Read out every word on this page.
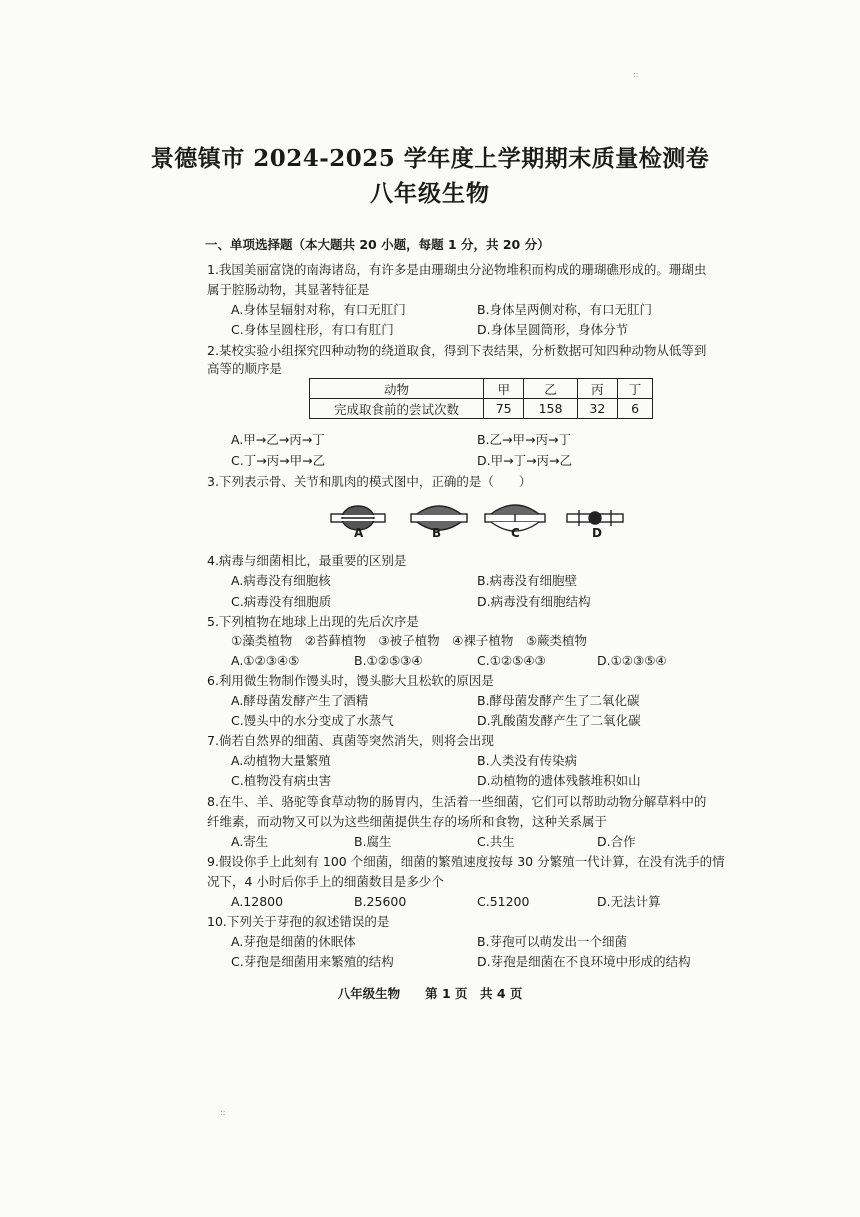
::
::
景德镇市 2024-2025 学年度上学期期末质量检测卷
八年级生物
一、单项选择题（本大题共 20 小题，每题 1 分，共 20 分）
1.我国美丽富饶的南海诸岛，有许多是由珊瑚虫分泌物堆积而构成的珊瑚礁形成的。珊瑚虫
属于腔肠动物，其显著特征是
A.身体呈辐射对称，有口无肛门	B.身体呈两侧对称，有口无肛门
C.身体呈圆柱形，有口有肛门	D.身体呈圆筒形，身体分节
2.某校实验小组探究四种动物的绕道取食，得到下表结果，分析数据可知四种动物从低等到
高等的顺序是
动物	甲	乙	丙	丁
完成取食前的尝试次数	75	158	32	6
A.甲→乙→丙→丁	B.乙→甲→丙→丁
C.丁→丙→甲→乙	D.甲→丁→丙→乙
3.下列表示骨、关节和肌肉的模式图中，正确的是（　　）
A	B	C	D
4.病毒与细菌相比，最重要的区别是
A.病毒没有细胞核	B.病毒没有细胞壁
C.病毒没有细胞质	D.病毒没有细胞结构
5.下列植物在地球上出现的先后次序是
①藻类植物　②苔藓植物　③被子植物　④裸子植物　⑤蕨类植物
A.①②③④⑤	B.①②⑤③④	C.①②⑤④③	D.①②③⑤④
6.利用微生物制作馒头时，馒头膨大且松软的原因是
A.酵母菌发酵产生了酒精	B.酵母菌发酵产生了二氧化碳
C.馒头中的水分变成了水蒸气	D.乳酸菌发酵产生了二氧化碳
7.倘若自然界的细菌、真菌等突然消失，则将会出现
A.动植物大量繁殖	B.人类没有传染病
C.植物没有病虫害	D.动植物的遗体残骸堆积如山
8.在牛、羊、骆驼等食草动物的肠胃内，生活着一些细菌，它们可以帮助动物分解草料中的
纤维素，而动物又可以为这些细菌提供生存的场所和食物，这种关系属于
A.寄生	B.腐生	C.共生	D.合作
9.假设你手上此刻有 100 个细菌，细菌的繁殖速度按每 30 分繁殖一代计算，在没有洗手的情
况下，4 小时后你手上的细菌数目是多少个
A.12800	B.25600	C.51200	D.无法计算
10.下列关于芽孢的叙述错误的是
A.芽孢是细菌的休眠体	B.芽孢可以萌发出一个细菌
C.芽孢是细菌用来繁殖的结构	D.芽孢是细菌在不良环境中形成的结构
八年级生物　　第 1 页　共 4 页
